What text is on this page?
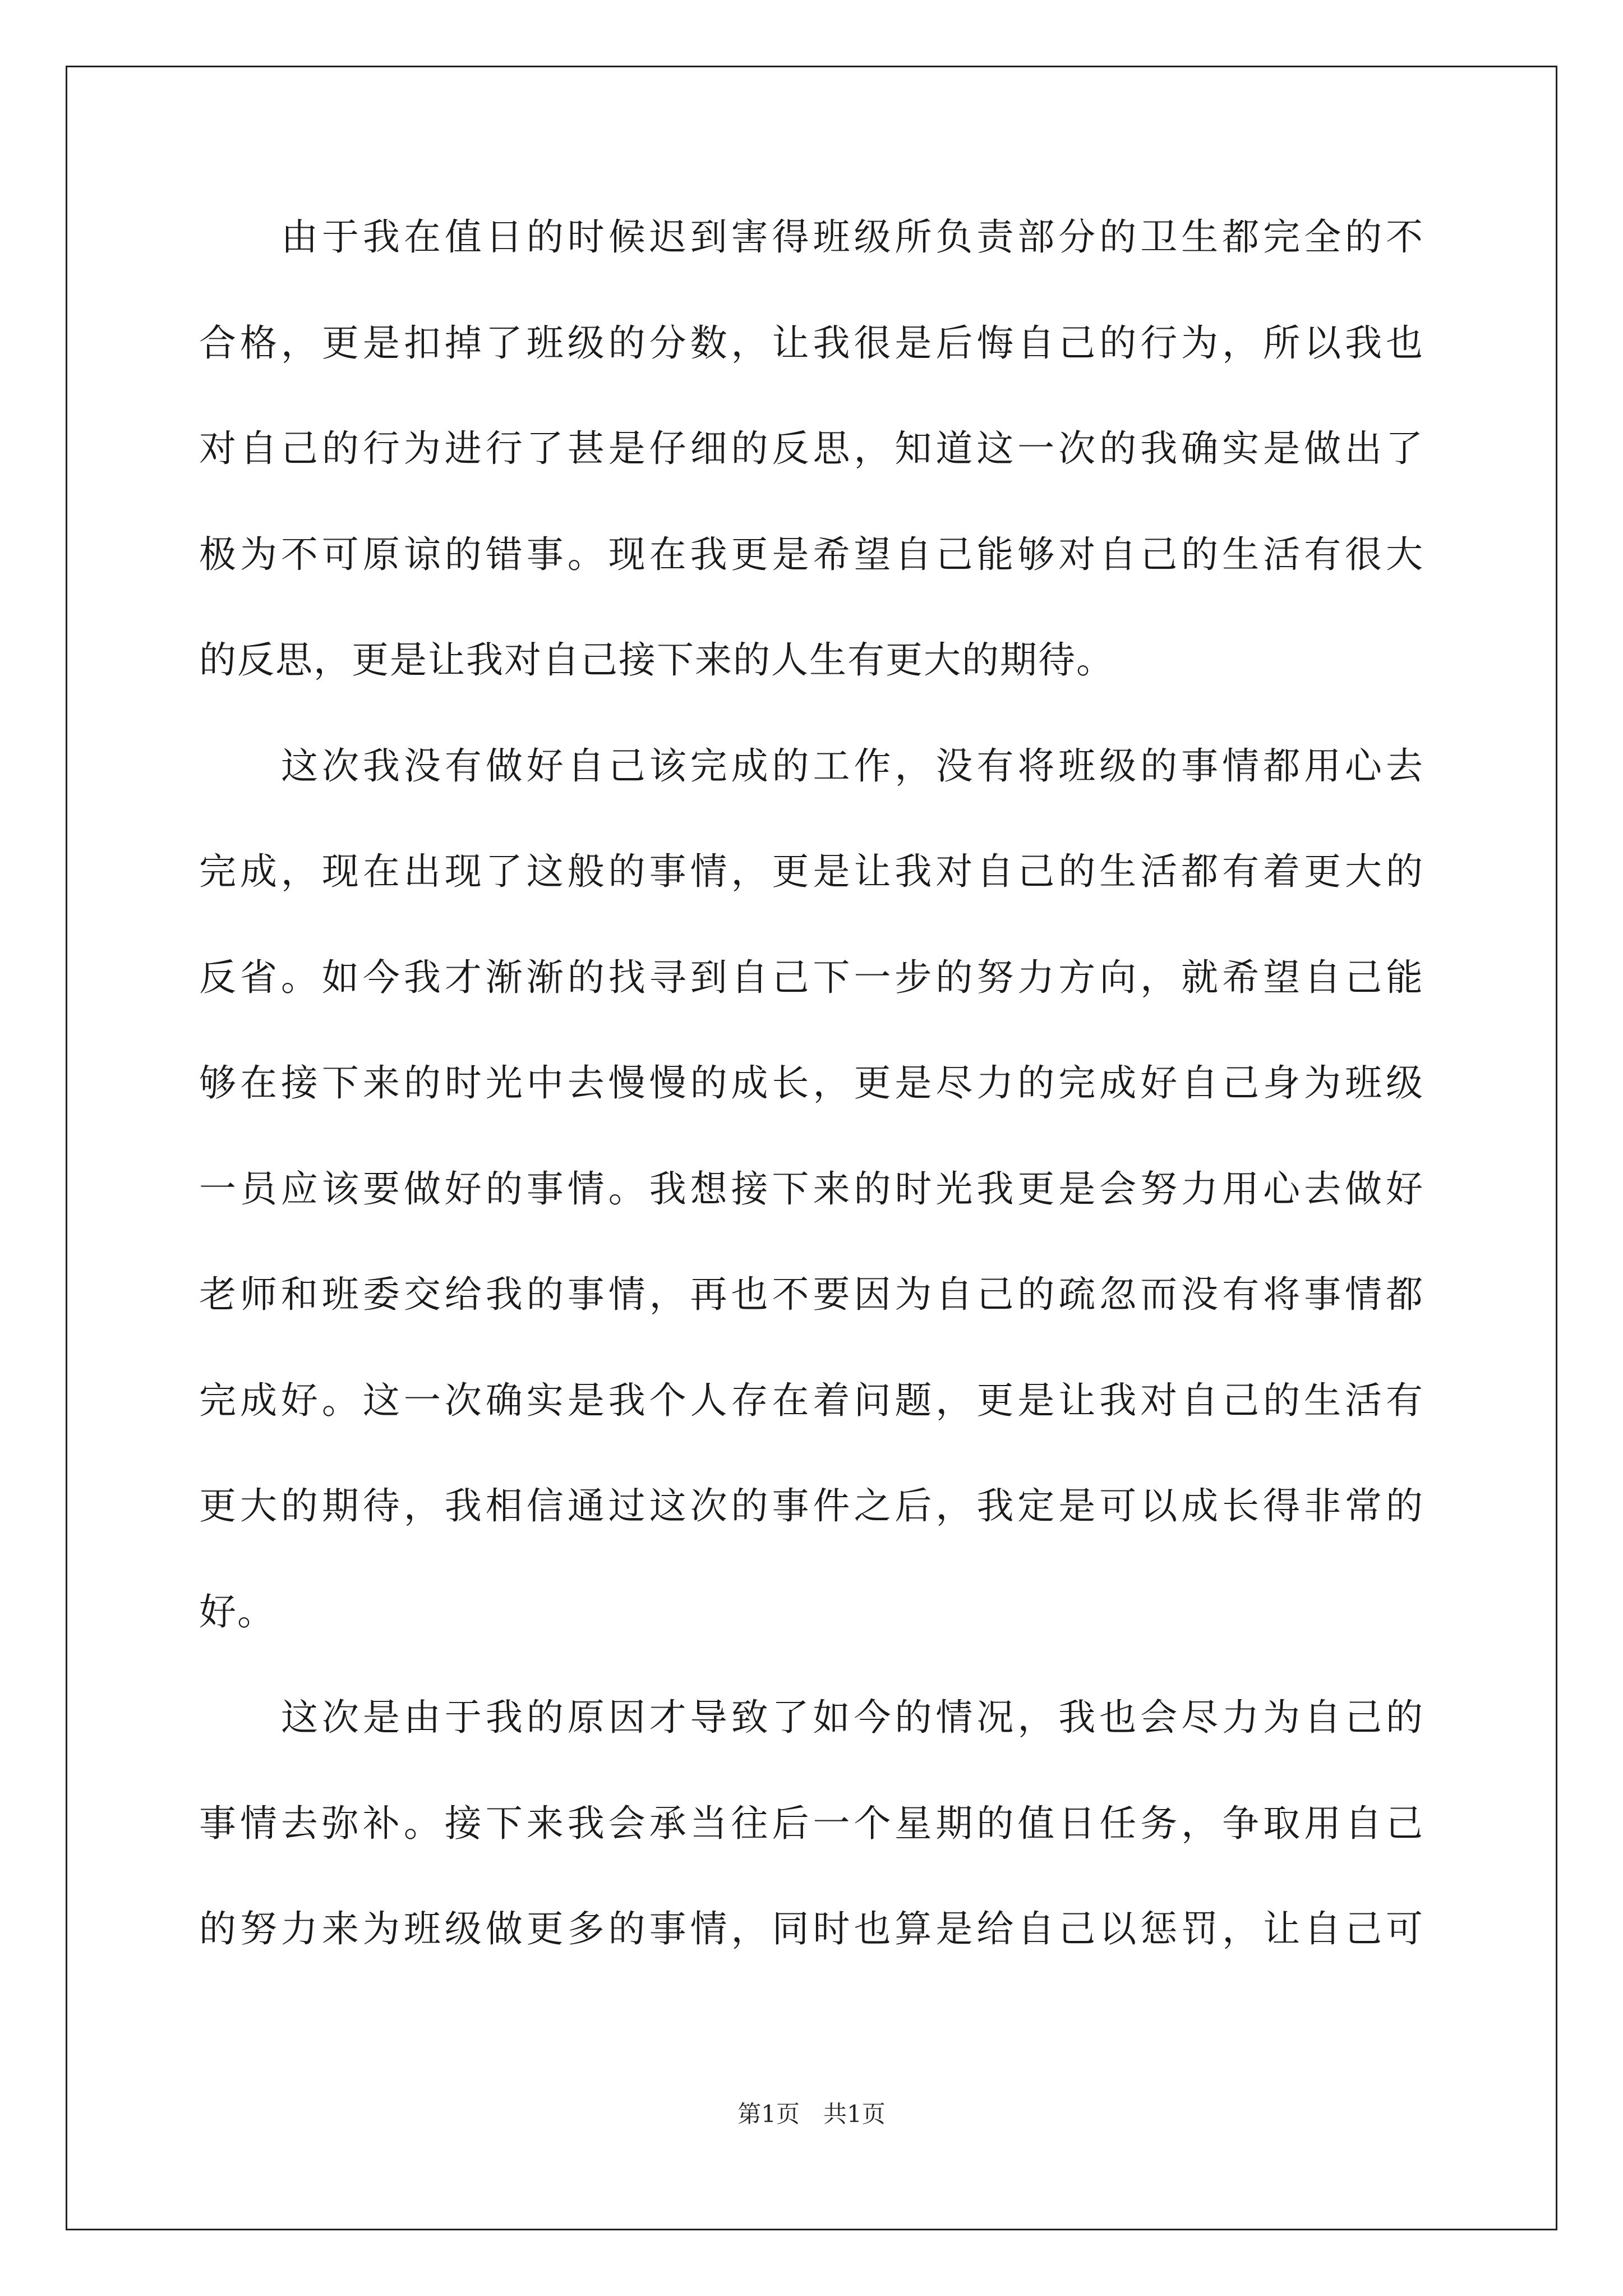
由于我在值日的时候迟到害得班级所负责部分的卫生都完全的不
合格，更是扣掉了班级的分数，让我很是后悔自己的行为，所以我也
对自己的行为进行了甚是仔细的反思，知道这一次的我确实是做出了
极为不可原谅的错事。现在我更是希望自己能够对自己的生活有很大
的反思，更是让我对自己接下来的人生有更大的期待。
这次我没有做好自己该完成的工作，没有将班级的事情都用心去
完成，现在出现了这般的事情，更是让我对自己的生活都有着更大的
反省。如今我才渐渐的找寻到自己下一步的努力方向，就希望自己能
够在接下来的时光中去慢慢的成长，更是尽力的完成好自己身为班级
一员应该要做好的事情。我想接下来的时光我更是会努力用心去做好
老师和班委交给我的事情，再也不要因为自己的疏忽而没有将事情都
完成好。这一次确实是我个人存在着问题，更是让我对自己的生活有
更大的期待，我相信通过这次的事件之后，我定是可以成长得非常的
好。
这次是由于我的原因才导致了如今的情况，我也会尽力为自己的
事情去弥补。接下来我会承当往后一个星期的值日任务，争取用自己
的努力来为班级做更多的事情，同时也算是给自己以惩罚，让自己可
第1页　共1页
